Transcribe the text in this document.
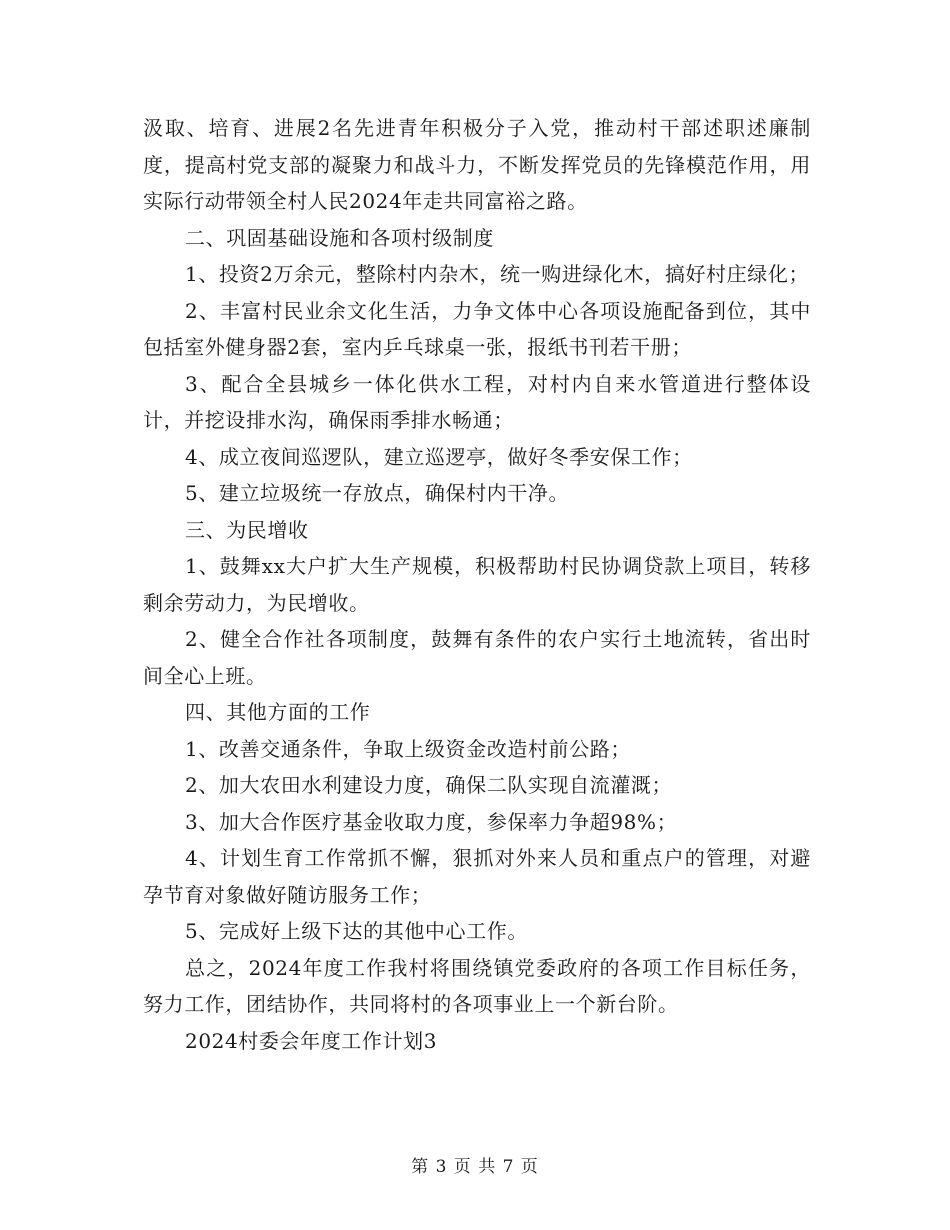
汲取、培育、进展2名先进青年积极分子入党，推动村干部述职述廉制度，提高村党支部的凝聚力和战斗力，不断发挥党员的先锋模范作用，用实际行动带领全村人民2024年走共同富裕之路。

二、巩固基础设施和各项村级制度

1、投资2万余元，整除村内杂木，统一购进绿化木，搞好村庄绿化；

2、丰富村民业余文化生活，力争文体中心各项设施配备到位，其中包括室外健身器2套，室内乒乓球桌一张，报纸书刊若干册；

3、配合全县城乡一体化供水工程，对村内自来水管道进行整体设计，并挖设排水沟，确保雨季排水畅通；

4、成立夜间巡逻队，建立巡逻亭，做好冬季安保工作；

5、建立垃圾统一存放点，确保村内干净。

三、为民增收

1、鼓舞xx大户扩大生产规模，积极帮助村民协调贷款上项目，转移剩余劳动力，为民增收。

2、健全合作社各项制度，鼓舞有条件的农户实行土地流转，省出时间全心上班。

四、其他方面的工作

1、改善交通条件，争取上级资金改造村前公路；

2、加大农田水利建设力度，确保二队实现自流灌溉；

3、加大合作医疗基金收取力度，参保率力争超98%；

4、计划生育工作常抓不懈，狠抓对外来人员和重点户的管理，对避孕节育对象做好随访服务工作；

5、完成好上级下达的其他中心工作。

总之，2024年度工作我村将围绕镇党委政府的各项工作目标任务，努力工作，团结协作，共同将村的各项事业上一个新台阶。

2024村委会年度工作计划3

第 3 页 共 7 页
